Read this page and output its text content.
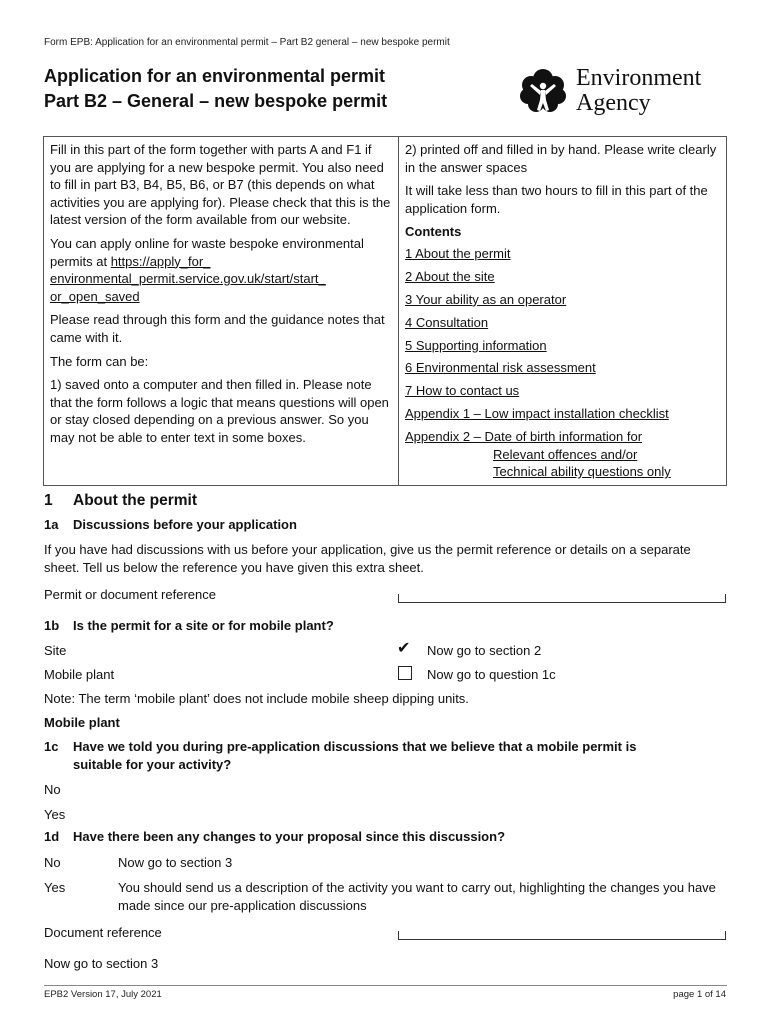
Form EPB: Application for an environmental permit – Part B2 general – new bespoke permit
Application for an environmental permit
Part B2 – General – new bespoke permit
Environment
Agency

Fill in this part of the form together with parts A and F1 if you are applying for a new bespoke permit. You also need to fill in part B3, B4, B5, B6, or B7 (this depends on what activities you are applying for). Please check that this is the latest version of the form available from our website.

You can apply online for waste bespoke environmental permits at https://apply_for_
environmental_permit.service.gov.uk/start/start_
or_open_saved

Please read through this form and the guidance notes that came with it.

The form can be:

1) saved onto a computer and then filled in. Please note that the form follows a logic that means questions will open or stay closed depending on a previous answer. So you may not be able to enter text in some boxes.

2) printed off and filled in by hand. Please write clearly in the answer spaces

It will take less than two hours to fill in this part of the application form.

Contents
1 About the permit
2 About the site
3 Your ability as an operator
4 Consultation
5 Supporting information
6 Environmental risk assessment
7 How to contact us
Appendix 1 – Low impact installation checklist
Appendix 2 – Date of birth information for
Relevant offences and/or
Technical ability questions only
1 About the permit
1a Discussions before your application
If you have had discussions with us before your application, give us the permit reference or details on a separate sheet. Tell us below the reference you have given this extra sheet.
Permit or document reference
1b Is the permit for a site or for mobile plant?
Site	✔ Now go to section 2
Mobile plant	Now go to question 1c
Note: The term ‘mobile plant’ does not include mobile sheep dipping units.
Mobile plant
1c Have we told you during pre-application discussions that we believe that a mobile permit is
suitable for your activity?
No
Yes
1d Have there been any changes to your proposal since this discussion?
No	Now go to section 3
Yes	You should send us a description of the activity you want to carry out, highlighting the changes you have made since our pre-application discussions
Document reference
Now go to section 3
EPB2 Version 17, July 2021	page 1 of 14
